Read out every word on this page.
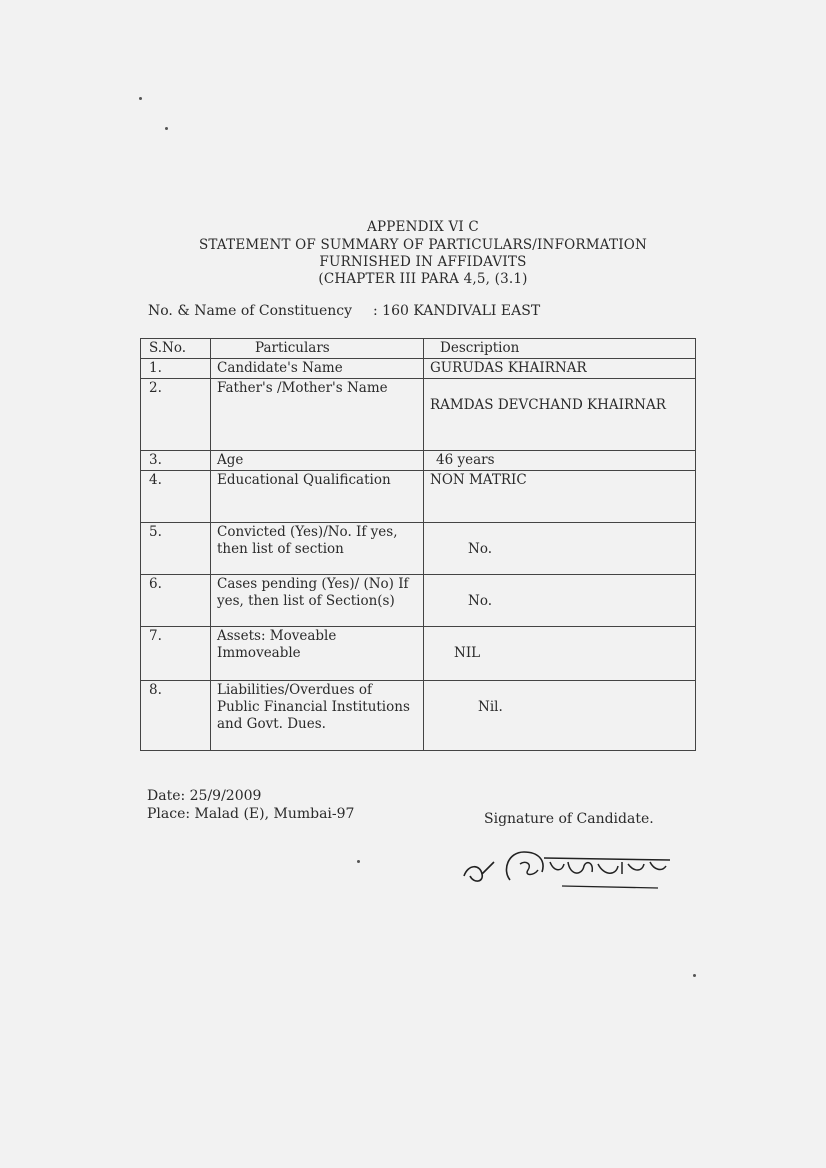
APPENDIX VI C
STATEMENT OF SUMMARY OF PARTICULARS/INFORMATION
FURNISHED IN AFFIDAVITS
(CHAPTER III PARA 4,5, (3.1)
No. & Name of Constituency : 160 KANDIVALI EAST
S.No.	Particulars	Description
1.	Candidate's Name	GURUDAS KHAIRNAR
2.	Father's /Mother's Name	RAMDAS DEVCHAND KHAIRNAR
3.	Age	46 years
4.	Educational Qualification	NON MATRIC
5.	Convicted (Yes)/No. If yes, then list of section	No.
6.	Cases pending (Yes)/ (No) If yes, then list of Section(s)	No.
7.	Assets: Moveable Immoveable	NIL
8.	Liabilities/Overdues of Public Financial Institutions and Govt. Dues.	Nil.
Date: 25/9/2009
Place: Malad (E), Mumbai-97	Signature of Candidate.
